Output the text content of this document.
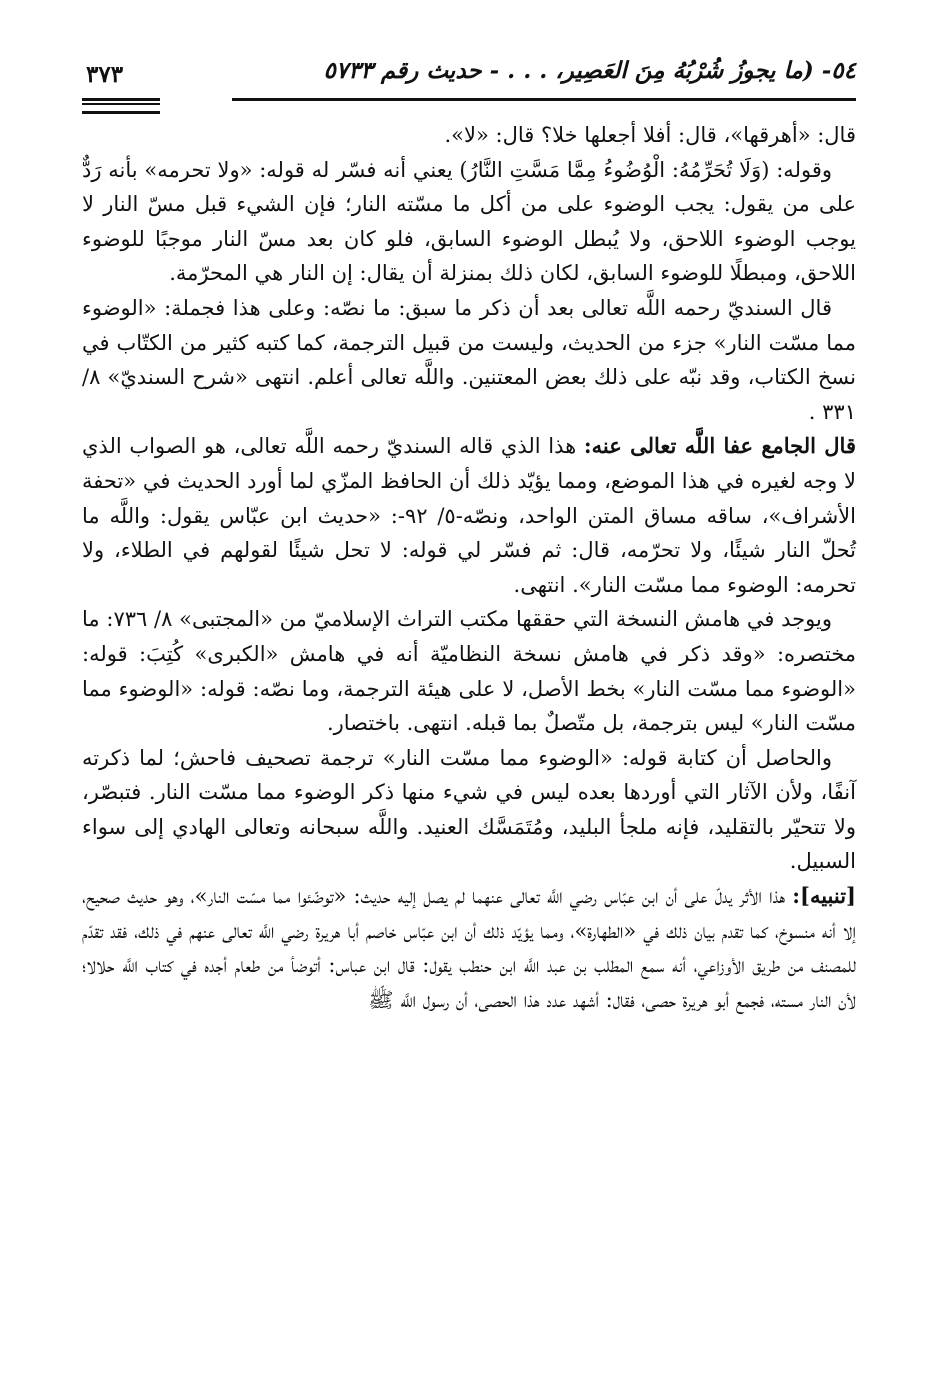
٥٤- (ما يجوزُ شُرْبُهُ مِنَ العَصِير، . . . - حديث رقم ٥٧٣٣
٣٧٣

قال: «أهرقها»، قال: أفلا أجعلها خلا؟ قال: «لا».

وقوله: (وَلَا تُحَرِّمُهُ: الْوُضُوءُ مِمَّا مَسَّتِ النَّارُ) يعني أنه فسّر له قوله: «ولا تحرمه» بأنه رَدٌّ على من يقول: يجب الوضوء على من أكل ما مسّته النار؛ فإن الشيء قبل مسّ النار لا يوجب الوضوء اللاحق، ولا يُبطل الوضوء السابق، فلو كان بعد مسّ النار موجبًا للوضوء اللاحق، ومبطلًا للوضوء السابق، لكان ذلك بمنزلة أن يقال: إن النار هي المحرّمة.

قال السنديّ رحمه اللَّه تعالى بعد أن ذكر ما سبق: ما نصّه: وعلى هذا فجملة: «الوضوء مما مسّت النار» جزء من الحديث، وليست من قبيل الترجمة، كما كتبه كثير من الكتّاب في نسخ الكتاب، وقد نبّه على ذلك بعض المعتنين. واللَّه تعالى أعلم. انتهى «شرح السنديّ» ٨/ ٣٣١ .

قال الجامع عفا اللَّه تعالى عنه: هذا الذي قاله السنديّ رحمه اللَّه تعالى، هو الصواب الذي لا وجه لغيره في هذا الموضع، ومما يؤيّد ذلك أن الحافظ المزّي لما أورد الحديث في «تحفة الأشراف»، ساقه مساق المتن الواحد، ونصّه-٥/ ٩٢-: «حديث ابن عبّاس يقول: واللَّه ما تُحلّ النار شيئًا، ولا تحرّمه، قال: ثم فسّر لي قوله: لا تحل شيئًا لقولهم في الطلاء، ولا تحرمه: الوضوء مما مسّت النار». انتهى.

ويوجد في هامش النسخة التي حققها مكتب التراث الإسلاميّ من «المجتبى» ٨/ ٧٣٦: ما مختصره: «وقد ذكر في هامش نسخة النظاميّة أنه في هامش «الكبرى» كُتِبَ: قوله: «الوضوء مما مسّت النار» بخط الأصل، لا على هيئة الترجمة، وما نصّه: قوله: «الوضوء مما مسّت النار» ليس بترجمة، بل متّصلٌ بما قبله. انتهى. باختصار.

والحاصل أن كتابة قوله: «الوضوء مما مسّت النار» ترجمة تصحيف فاحش؛ لما ذكرته آنفًا، ولأن الآثار التي أوردها بعده ليس في شيء منها ذكر الوضوء مما مسّت النار. فتبصّر، ولا تتحيّر بالتقليد، فإنه ملجأ البليد، ومُتَمَسَّك العنيد. واللَّه سبحانه وتعالى الهادي إلى سواء السبيل.

[تنبيه]: هذا الأثر يدلّ على أن ابن عبّاس رضي اللَّه تعالى عنهما لم يصل إليه حديث: «توضّئوا مما مسّت النار»، وهو حديث صحيح، إلا أنه منسوخ، كما تقدم بيان ذلك في «الطهارة»، ومما يؤيّد ذلك أن ابن عبّاس خاصم أبا هريرة رضي اللَّه تعالى عنهم في ذلك، فقد تقدّم للمصنف من طريق الأوزاعي، أنه سمع المطلب بن عبد اللَّه ابن حنطب يقول: قال ابن عباس: أتوضأ من طعام أجده في كتاب اللَّه حلالا؛ لأن النار مسته، فجمع أبو هريرة حصى، فقال: أشهد عدد هذا الحصى، أن رسول اللَّه ﷺ
